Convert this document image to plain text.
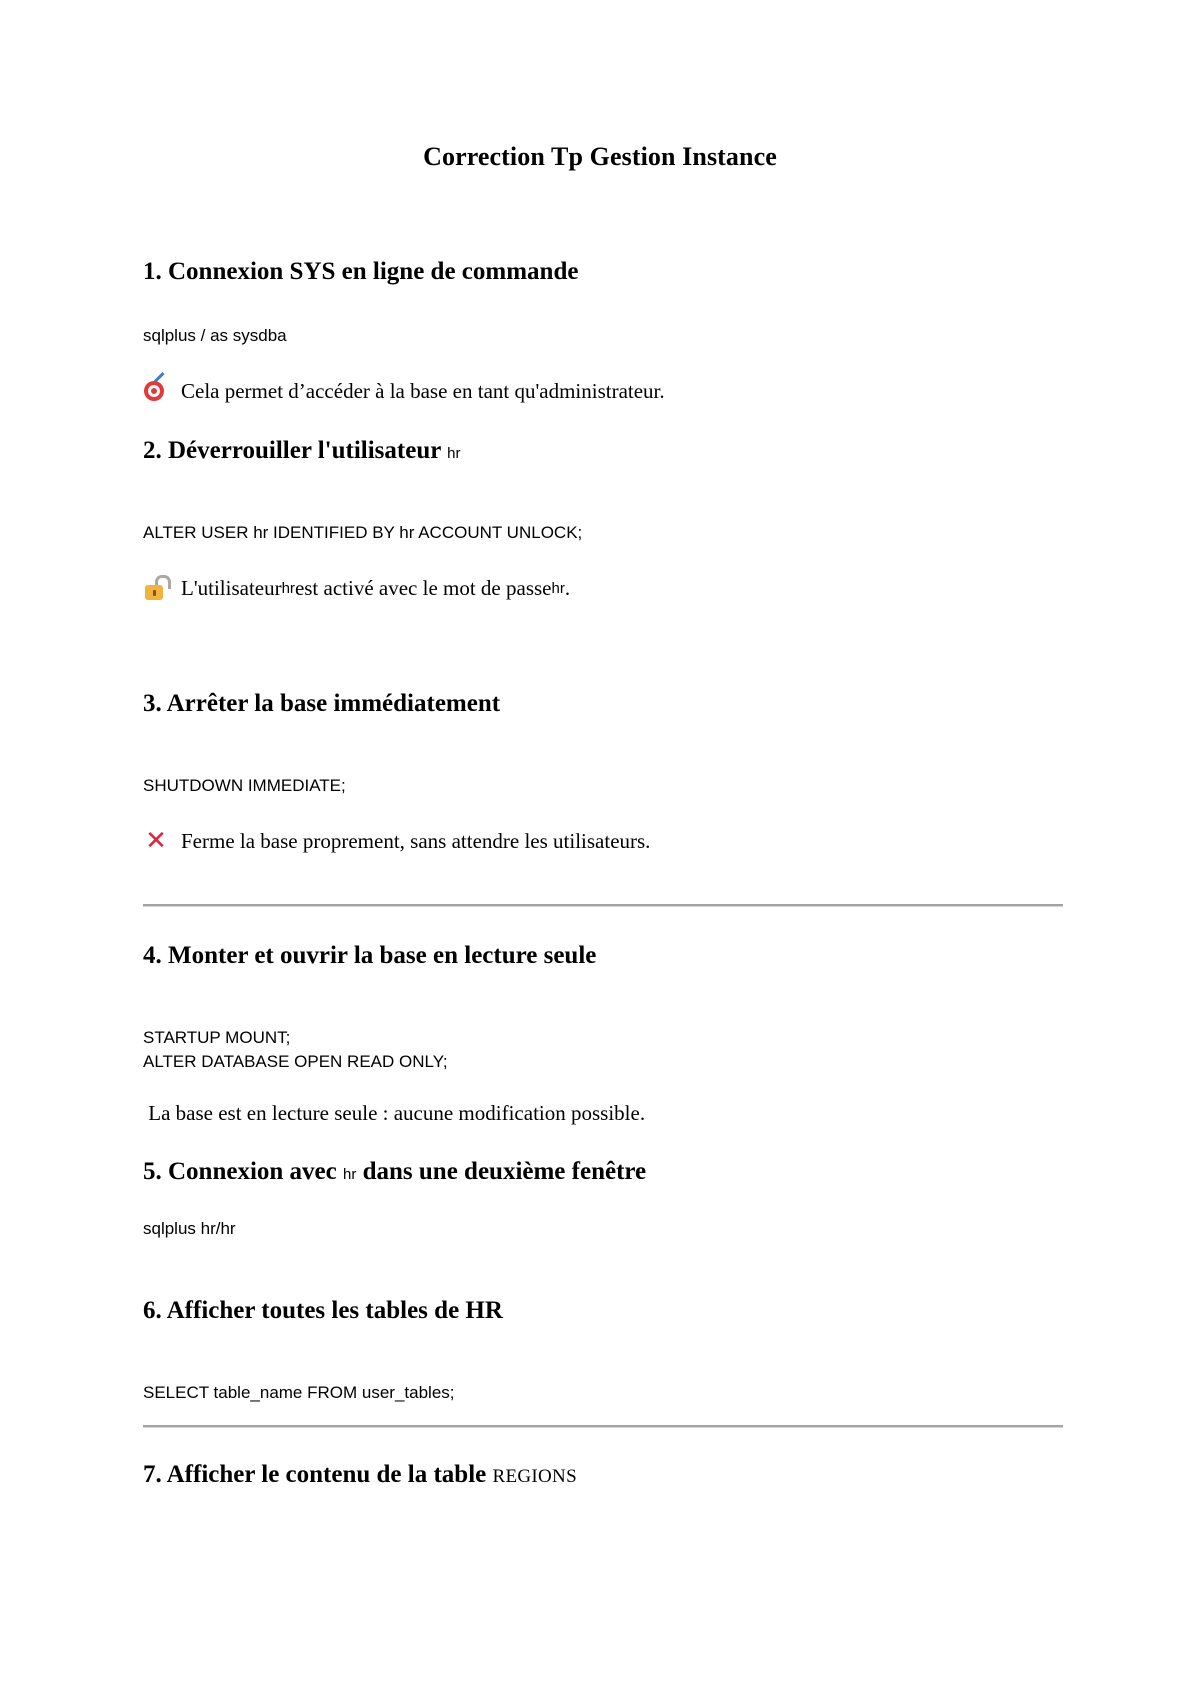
Correction Tp Gestion Instance
1. Connexion SYS en ligne de commande
sqlplus / as sysdba
Cela permet d’accéder à la base en tant qu'administrateur.
2. Déverrouiller l'utilisateur hr
ALTER USER hr IDENTIFIED BY hr ACCOUNT UNLOCK;
L'utilisateur hr est activé avec le mot de passe hr .
3. Arrêter la base immédiatement
SHUTDOWN IMMEDIATE;
✕ Ferme la base proprement, sans attendre les utilisateurs.
4. Monter et ouvrir la base en lecture seule
STARTUP MOUNT;
ALTER DATABASE OPEN READ ONLY;
La base est en lecture seule : aucune modification possible.
5. Connexion avec hr dans une deuxième fenêtre
sqlplus hr/hr
6. Afficher toutes les tables de HR
SELECT table_name FROM user_tables;
7. Afficher le contenu de la table REGIONS
